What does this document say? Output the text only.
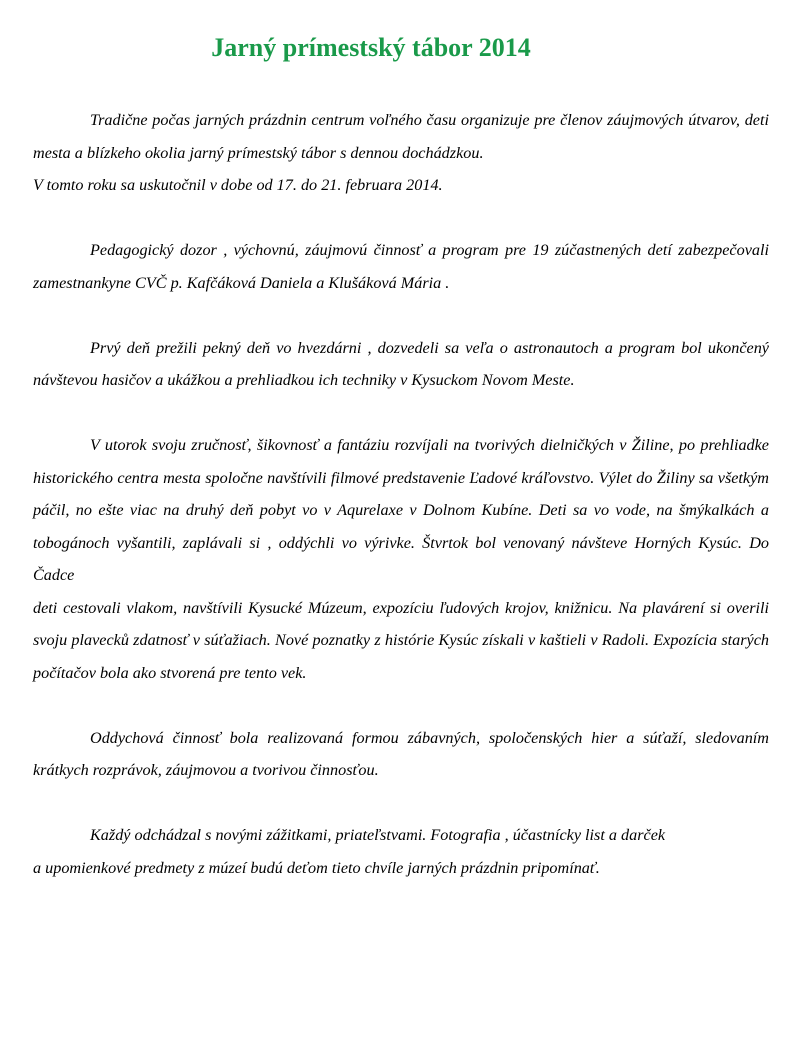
Jarný prímestský tábor 2014

Tradične počas jarných prázdnin centrum voľného času organizuje pre členov záujmových útvarov, deti mesta a blízkeho okolia jarný prímestský tábor s dennou dochádzkou.

V tomto roku sa uskutočnil v dobe od 17. do 21. februara 2014.

Pedagogický dozor , výchovnú, záujmovú činnosť a program pre 19 zúčastnených detí zabezpečovali zamestnankyne CVČ p. Kafčáková Daniela a Klušáková Mária .

Prvý deň prežili pekný deň vo hvezdárni , dozvedeli sa veľa o astronautoch a program bol ukončený návštevou hasičov a ukážkou a prehliadkou ich techniky v Kysuckom Novom Meste.

V utorok svoju zručnosť, šikovnosť a fantáziu rozvíjali na tvorivých dielničkých v Žiline, po prehliadke historického centra mesta spoločne navštívili filmové predstavenie Ľadové kráľovstvo. Výlet do Žiliny sa všetkým páčil, no ešte viac na druhý deň pobyt vo v Aqurelaxe v Dolnom Kubíne. Deti sa vo vode, na šmýkalkách a tobogánoch vyšantili, zaplávali si , oddýchli vo výrivke. Štvrtok bol venovaný návšteve Horných Kysúc. Do Čadce

deti cestovali vlakom, navštívili Kysucké Múzeum, expozíciu ľudových krojov, knižnicu. Na plavárení si overili svoju plavecků zdatnosť v súťažiach. Nové poznatky z histórie Kysúc získali v kaštieli v Radoli. Expozícia starých počítačov bola ako stvorená pre tento vek.

Oddychová činnosť bola realizovaná formou zábavných, spoločenských hier a súťaží, sledovaním krátkych rozprávok, záujmovou a tvorivou činnosťou.

Každý odchádzal s novými zážitkami, priateľstvami. Fotografia , účastnícky list a darček

a upomienkové predmety z múzeí budú deťom tieto chvíle jarných prázdnin pripomínať.
